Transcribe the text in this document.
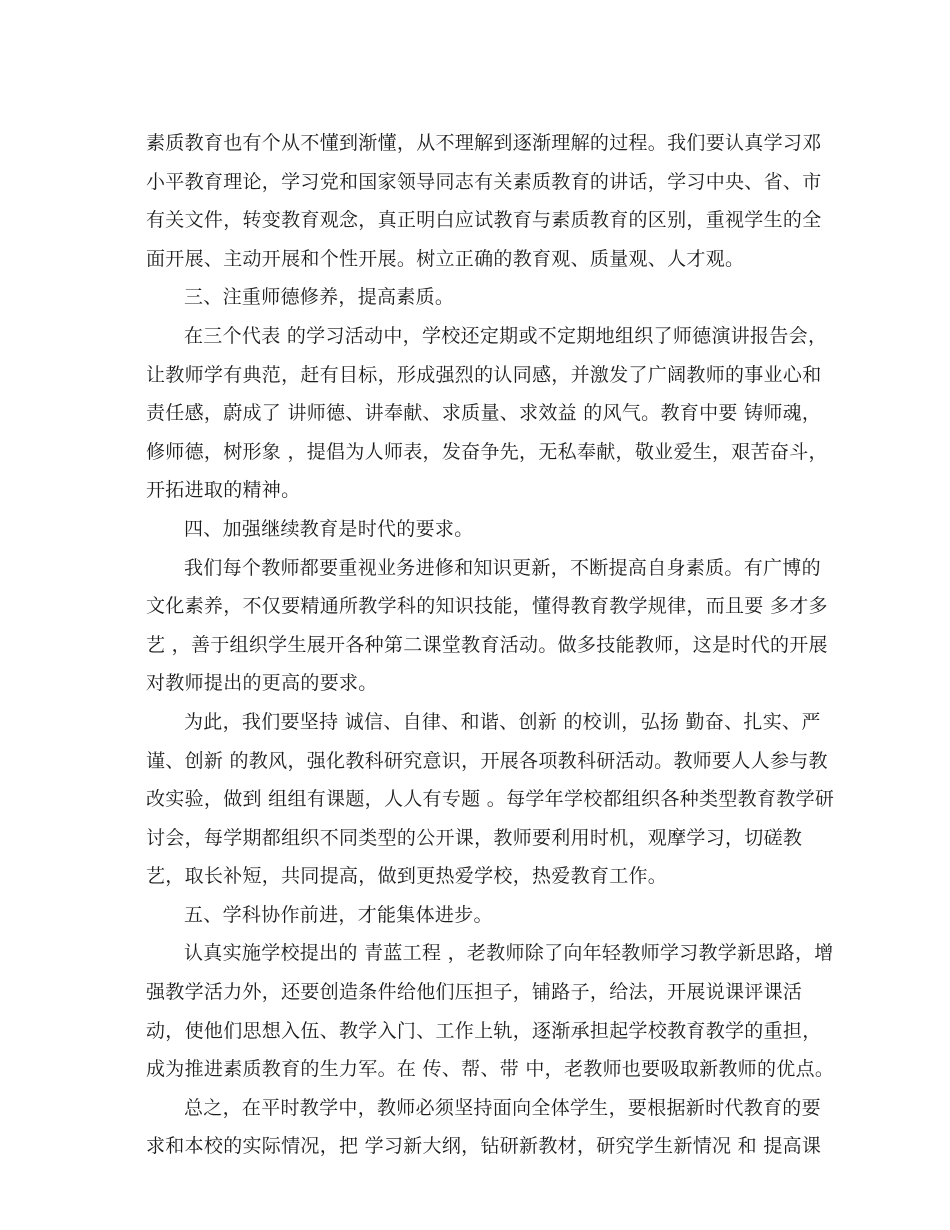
素质教育也有个从不懂到渐懂，从不理解到逐渐理解的过程。我们要认真学习邓
小平教育理论，学习党和国家领导同志有关素质教育的讲话，学习中央、省、市
有关文件，转变教育观念，真正明白应试教育与素质教育的区别，重视学生的全
面开展、主动开展和个性开展。树立正确的教育观、质量观、人才观。
三、注重师德修养，提高素质。
在三个代表 的学习活动中，学校还定期或不定期地组织了师德演讲报告会，
让教师学有典范，赶有目标，形成强烈的认同感，并激发了广阔教师的事业心和
责任感，蔚成了 讲师德、讲奉献、求质量、求效益 的风气。教育中要 铸师魂，
修师德，树形象 ，提倡为人师表，发奋争先，无私奉献，敬业爱生，艰苦奋斗，
开拓进取的精神。
四、加强继续教育是时代的要求。
我们每个教师都要重视业务进修和知识更新，不断提高自身素质。有广博的
文化素养，不仅要精通所教学科的知识技能，懂得教育教学规律，而且要 多才多
艺 ，善于组织学生展开各种第二课堂教育活动。做多技能教师，这是时代的开展
对教师提出的更高的要求。
为此，我们要坚持 诚信、自律、和谐、创新 的校训，弘扬 勤奋、扎实、严
谨、创新 的教风，强化教科研究意识，开展各项教科研活动。教师要人人参与教
改实验，做到 组组有课题，人人有专题 。每学年学校都组织各种类型教育教学研
讨会，每学期都组织不同类型的公开课，教师要利用时机，观摩学习，切磋教
艺，取长补短，共同提高，做到更热爱学校，热爱教育工作。
五、学科协作前进，才能集体进步。
认真实施学校提出的 青蓝工程 ，老教师除了向年轻教师学习教学新思路，增
强教学活力外，还要创造条件给他们压担子，铺路子，给法，开展说课评课活
动，使他们思想入伍、教学入门、工作上轨，逐渐承担起学校教育教学的重担，
成为推进素质教育的生力军。在 传、帮、带 中，老教师也要吸取新教师的优点。
总之，在平时教学中，教师必须坚持面向全体学生，要根据新时代教育的要
求和本校的实际情况，把 学习新大纲，钻研新教材，研究学生新情况 和 提高课
